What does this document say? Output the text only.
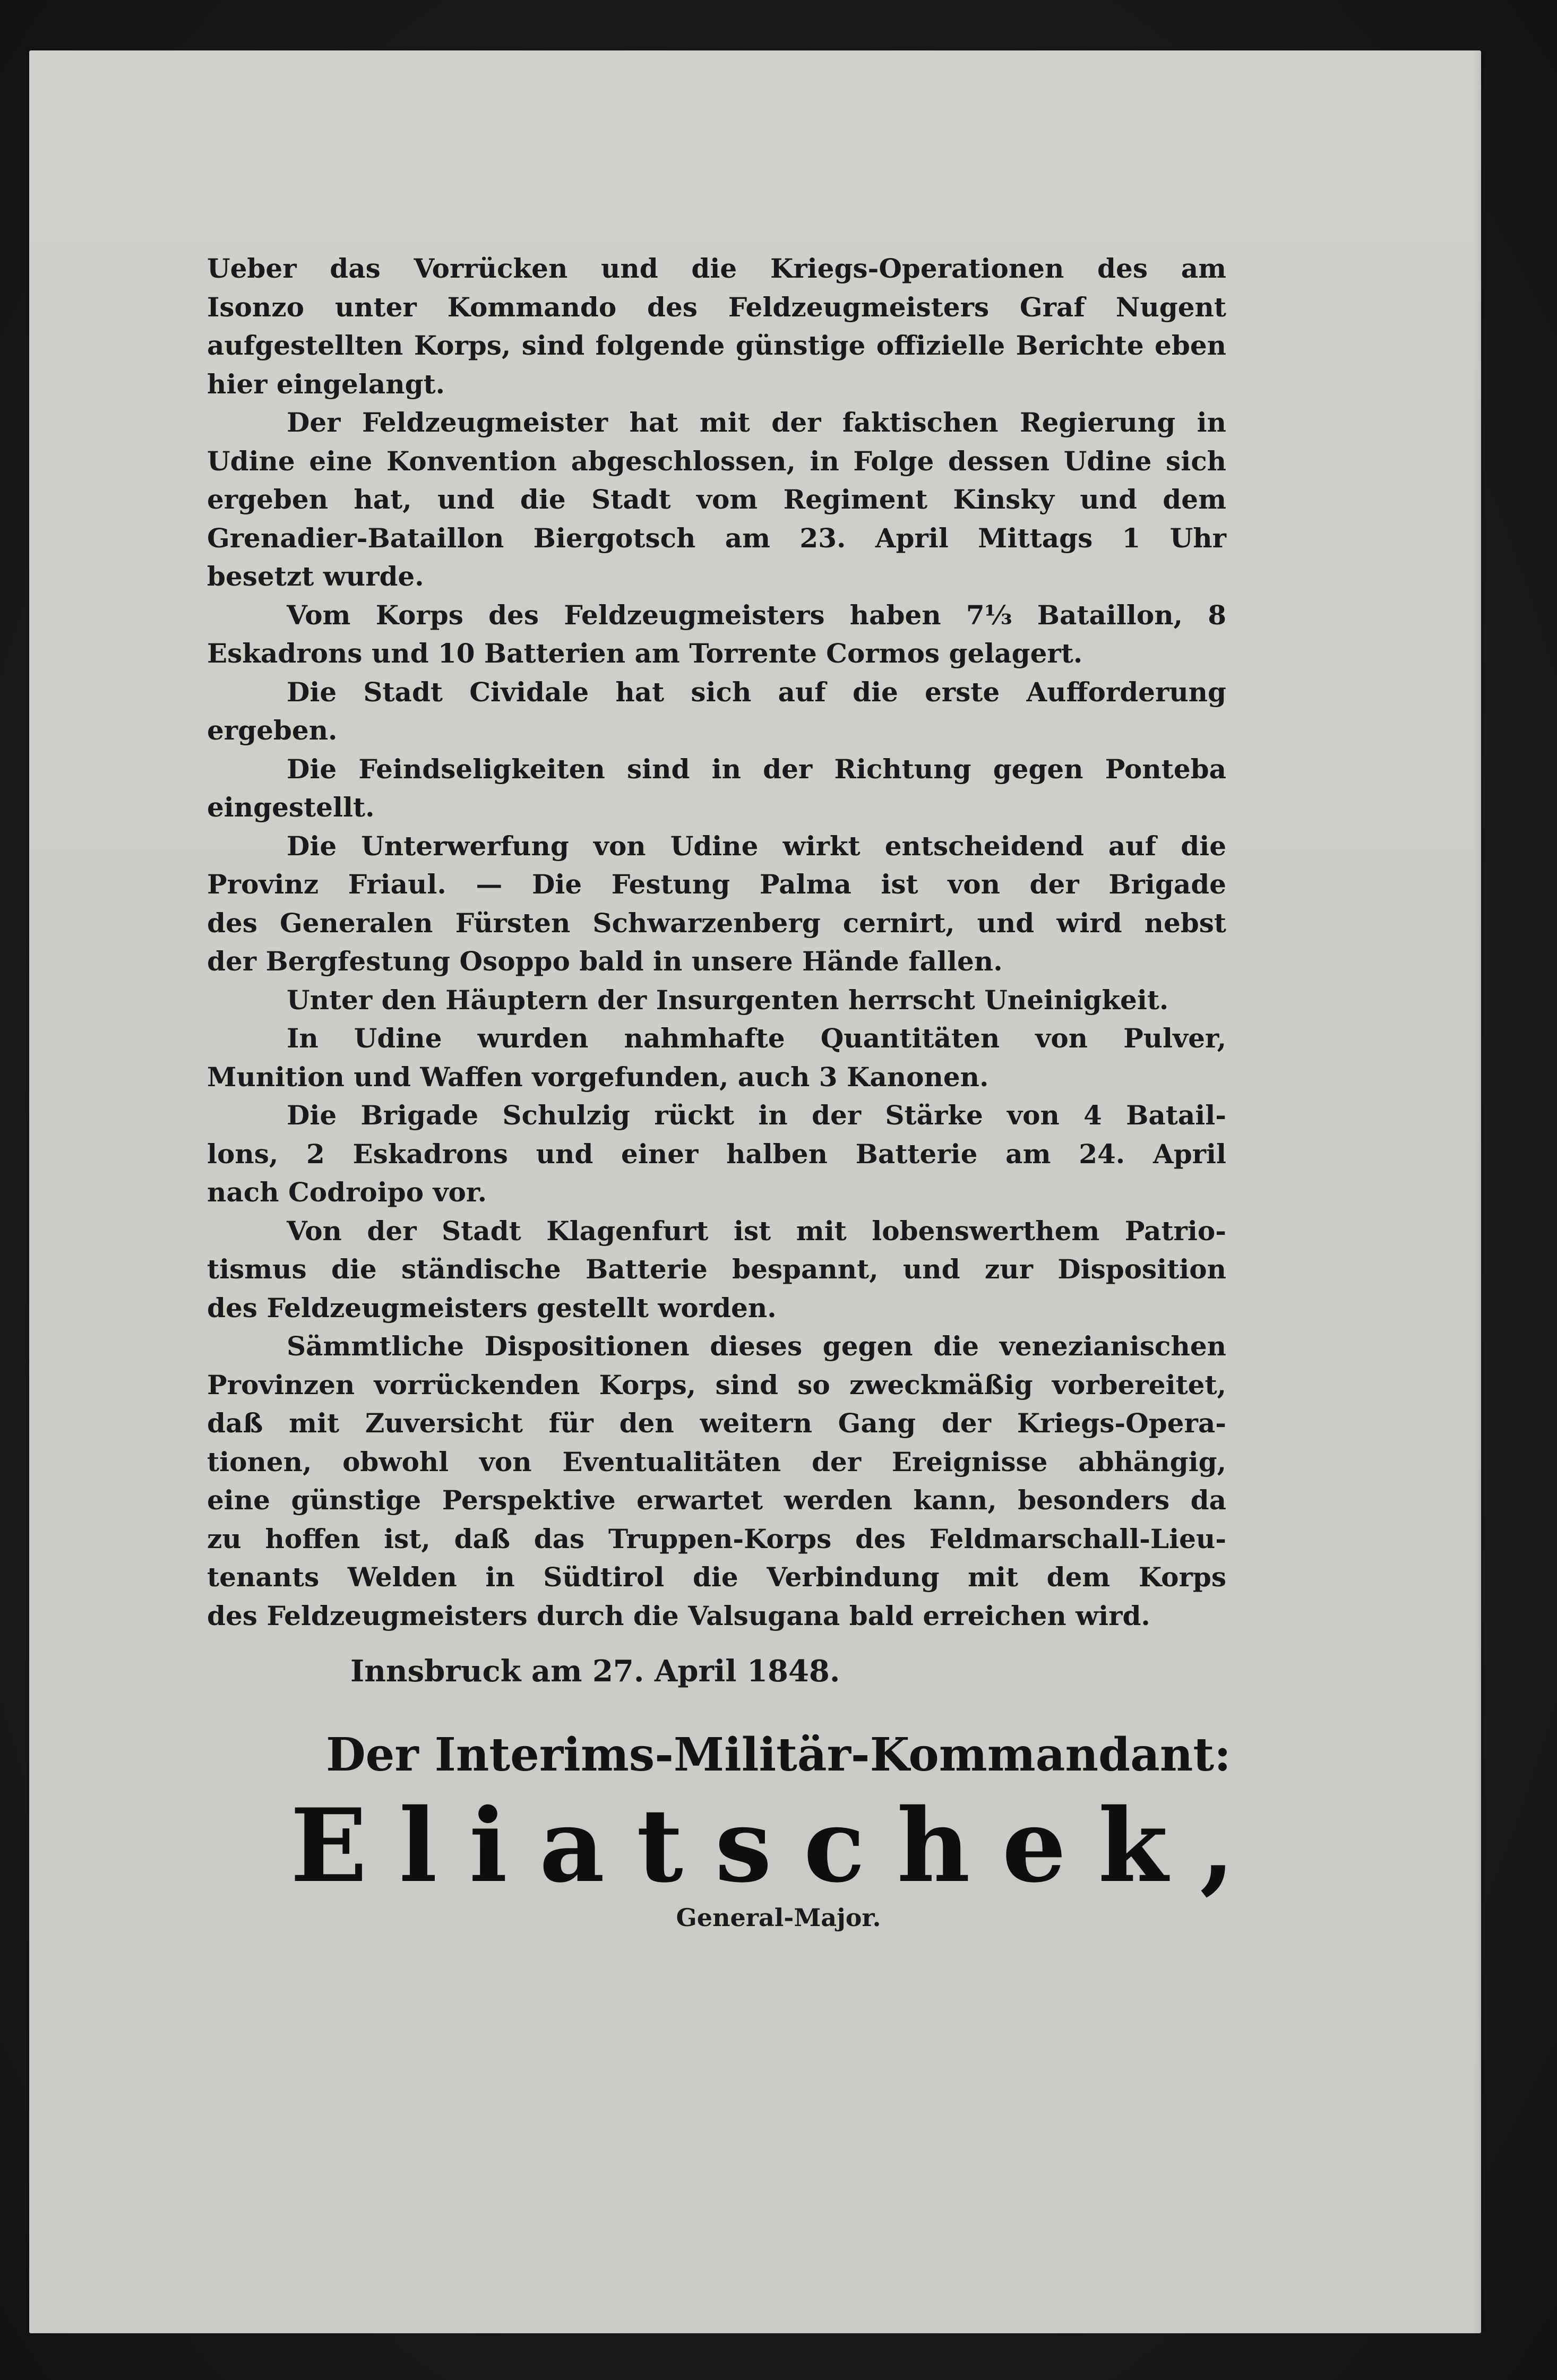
Ueber das Vorrücken und die Kriegs-Operationen des am
Isonzo unter Kommando des Feldzeugmeisters Graf Nugent
aufgestellten Korps, sind folgende günstige offizielle Berichte eben
hier eingelangt.
Der Feldzeugmeister hat mit der faktischen Regierung in
Udine eine Konvention abgeschlossen, in Folge dessen Udine sich
ergeben hat, und die Stadt vom Regiment Kinsky und dem
Grenadier-Bataillon Biergotsch am 23. April Mittags 1 Uhr
besetzt wurde.
Vom Korps des Feldzeugmeisters haben 7⅓ Bataillon, 8
Eskadrons und 10 Batterien am Torrente Cormos gelagert.
Die Stadt Cividale hat sich auf die erste Aufforderung
ergeben.
Die Feindseligkeiten sind in der Richtung gegen Ponteba
eingestellt.
Die Unterwerfung von Udine wirkt entscheidend auf die
Provinz Friaul. — Die Festung Palma ist von der Brigade
des Generalen Fürsten Schwarzenberg cernirt, und wird nebst
der Bergfestung Osoppo bald in unsere Hände fallen.
Unter den Häuptern der Insurgenten herrscht Uneinigkeit.
In Udine wurden nahmhafte Quantitäten von Pulver,
Munition und Waffen vorgefunden, auch 3 Kanonen.
Die Brigade Schulzig rückt in der Stärke von 4 Batail-
lons, 2 Eskadrons und einer halben Batterie am 24. April
nach Codroipo vor.
Von der Stadt Klagenfurt ist mit lobenswerthem Patrio-
tismus die ständische Batterie bespannt, und zur Disposition
des Feldzeugmeisters gestellt worden.
Sämmtliche Dispositionen dieses gegen die venezianischen
Provinzen vorrückenden Korps, sind so zweckmäßig vorbereitet,
daß mit Zuversicht für den weitern Gang der Kriegs-Opera-
tionen, obwohl von Eventualitäten der Ereignisse abhängig,
eine günstige Perspektive erwartet werden kann, besonders da
zu hoffen ist, daß das Truppen-Korps des Feldmarschall-Lieu-
tenants Welden in Südtirol die Verbindung mit dem Korps
des Feldzeugmeisters durch die Valsugana bald erreichen wird.
Innsbruck am 27. April 1848.
Der Interims-Militär-Kommandant:
Eliatschek,
General-Major.
